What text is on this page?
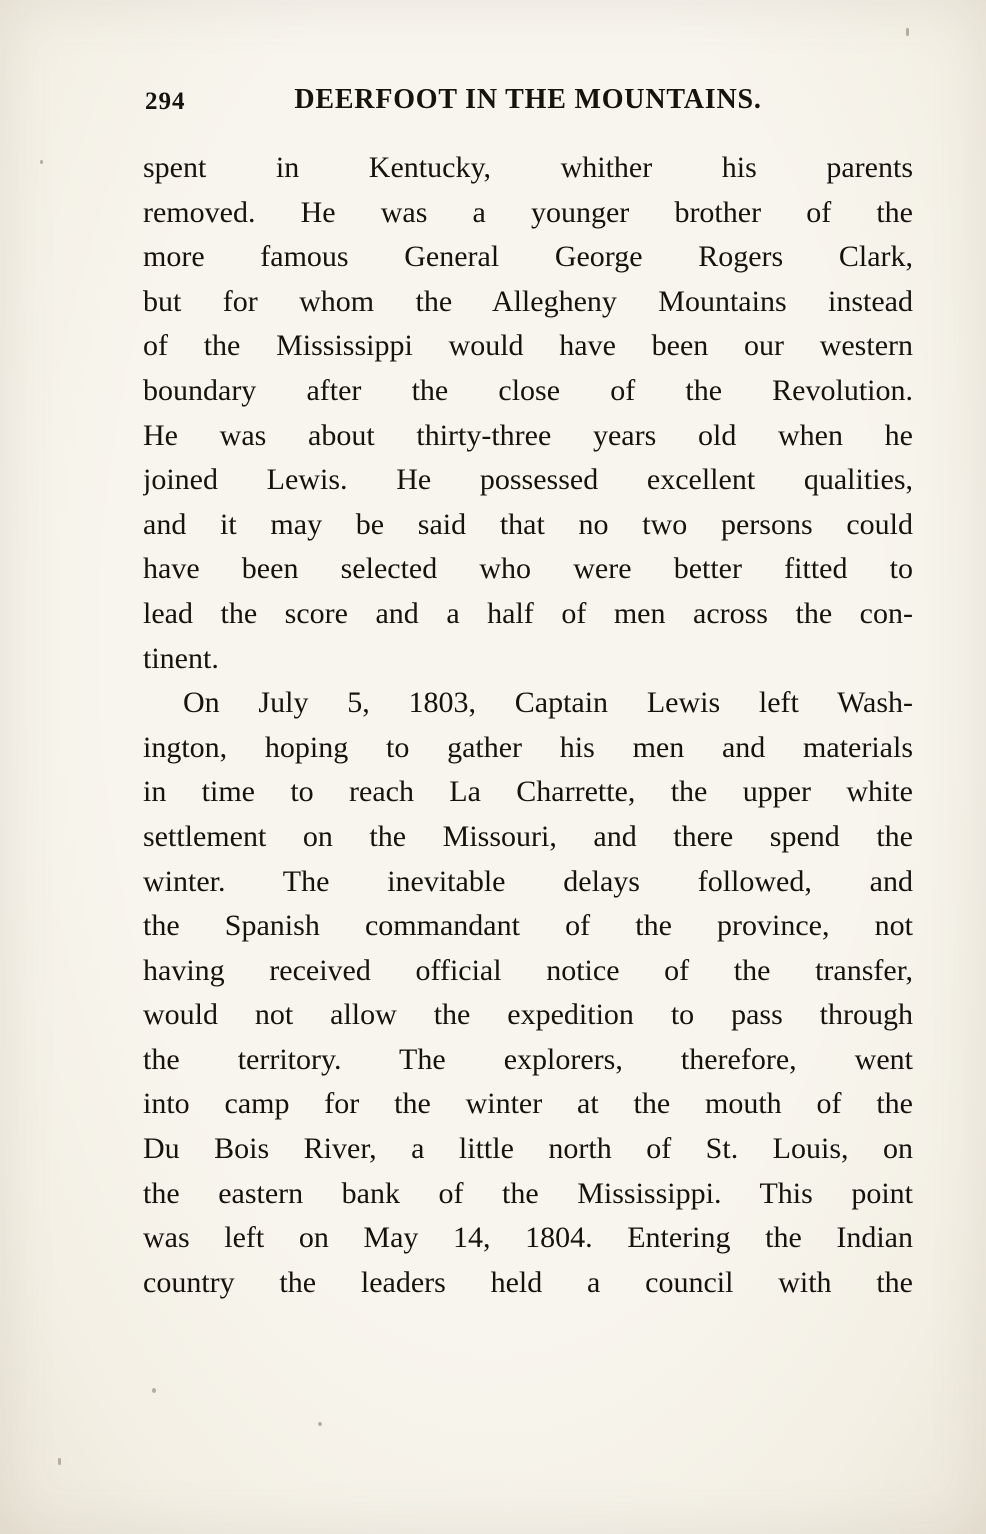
294	DEERFOOT IN THE MOUNTAINS.
spent in Kentucky, whither his parents
removed. He was a younger brother of the
more famous General George Rogers Clark,
but for whom the Allegheny Mountains instead
of the Mississippi would have been our western
boundary after the close of the Revolution.
He was about thirty-three years old when he
joined Lewis. He possessed excellent qualities,
and it may be said that no two persons could
have been selected who were better fitted to
lead the score and a half of men across the con-
tinent.
On July 5, 1803, Captain Lewis left Wash-
ington, hoping to gather his men and materials
in time to reach La Charrette, the upper white
settlement on the Missouri, and there spend the
winter. The inevitable delays followed, and
the Spanish commandant of the province, not
having received official notice of the transfer,
would not allow the expedition to pass through
the territory. The explorers, therefore, went
into camp for the winter at the mouth of the
Du Bois River, a little north of St. Louis, on
the eastern bank of the Mississippi. This point
was left on May 14, 1804. Entering the Indian
country the leaders held a council with the
